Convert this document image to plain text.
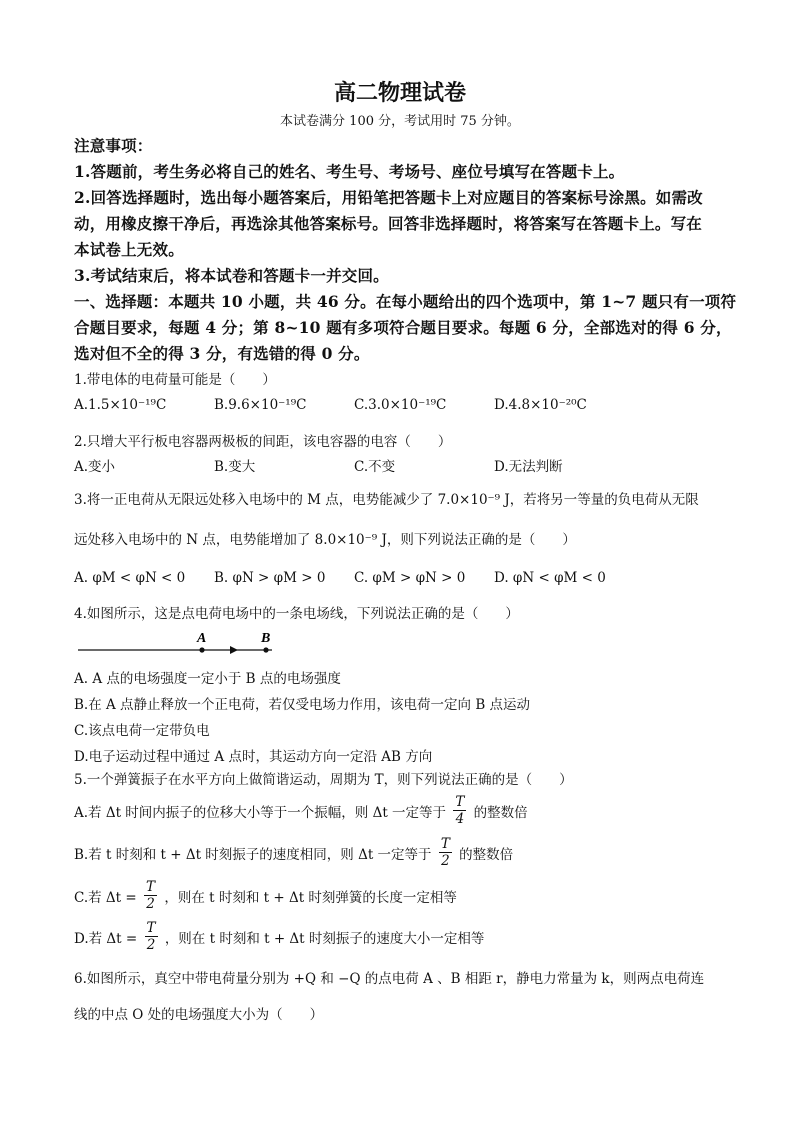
高二物理试卷
本试卷满分 100 分，考试用时 75 分钟。
注意事项：
1.答题前，考生务必将自己的姓名、考生号、考场号、座位号填写在答题卡上。
2.回答选择题时，选出每小题答案后，用铅笔把答题卡上对应题目的答案标号涂黑。如需改
动，用橡皮擦干净后，再选涂其他答案标号。回答非选择题时，将答案写在答题卡上。写在
本试卷上无效。
3.考试结束后，将本试卷和答题卡一并交回。
一、选择题：本题共 10 小题，共 46 分。在每小题给出的四个选项中，第 1~7 题只有一项符
合题目要求，每题 4 分；第 8~10 题有多项符合题目要求。每题 6 分，全部选对的得 6 分，
选对但不全的得 3 分，有选错的得 0 分。
1.带电体的电荷量可能是（　　）
A.1.5×10⁻¹⁹C	B.9.6×10⁻¹⁹C	C.3.0×10⁻¹⁹C	D.4.8×10⁻²⁰C
2.只增大平行板电容器两极板的间距，该电容器的电容（　　）
A.变小	B.变大	C.不变	D.无法判断
3.将一正电荷从无限远处移入电场中的 M 点，电势能减少了 7.0×10⁻⁹ J，若将另一等量的负电荷从无限
远处移入电场中的 N 点，电势能增加了 8.0×10⁻⁹ J，则下列说法正确的是（　　）
A. φM < φN < 0 B. φN > φM > 0 C. φM > φN > 0 D. φN < φM < 0
4.如图所示，这是点电荷电场中的一条电场线，下列说法正确的是（　　）
A	B
A. A 点的电场强度一定小于 B 点的电场强度
B.在 A 点静止释放一个正电荷，若仅受电场力作用，该电荷一定向 B 点运动
C.该点电荷一定带负电
D.电子运动过程中通过 A 点时，其运动方向一定沿 AB 方向
5.一个弹簧振子在水平方向上做简谐运动，周期为 T，则下列说法正确的是（　　）
A.若 Δt 时间内振子的位移大小等于一个振幅，则 Δt 一定等于 $\frac{T}{4}$ 的整数倍
B.若 t 时刻和 t + Δt 时刻振子的速度相同，则 Δt 一定等于 $\frac{T}{2}$ 的整数倍
C.若 $\Delta t = \frac{T}{2}$ ，则在 t 时刻和 t + Δt 时刻弹簧的长度一定相等
D.若 $\Delta t = \frac{T}{2}$ ，则在 t 时刻和 t + Δt 时刻振子的速度大小一定相等
6.如图所示，真空中带电荷量分别为 +Q 和 −Q 的点电荷 A 、B 相距 r，静电力常量为 k，则两点电荷连
线的中点 O 处的电场强度大小为（　　）
